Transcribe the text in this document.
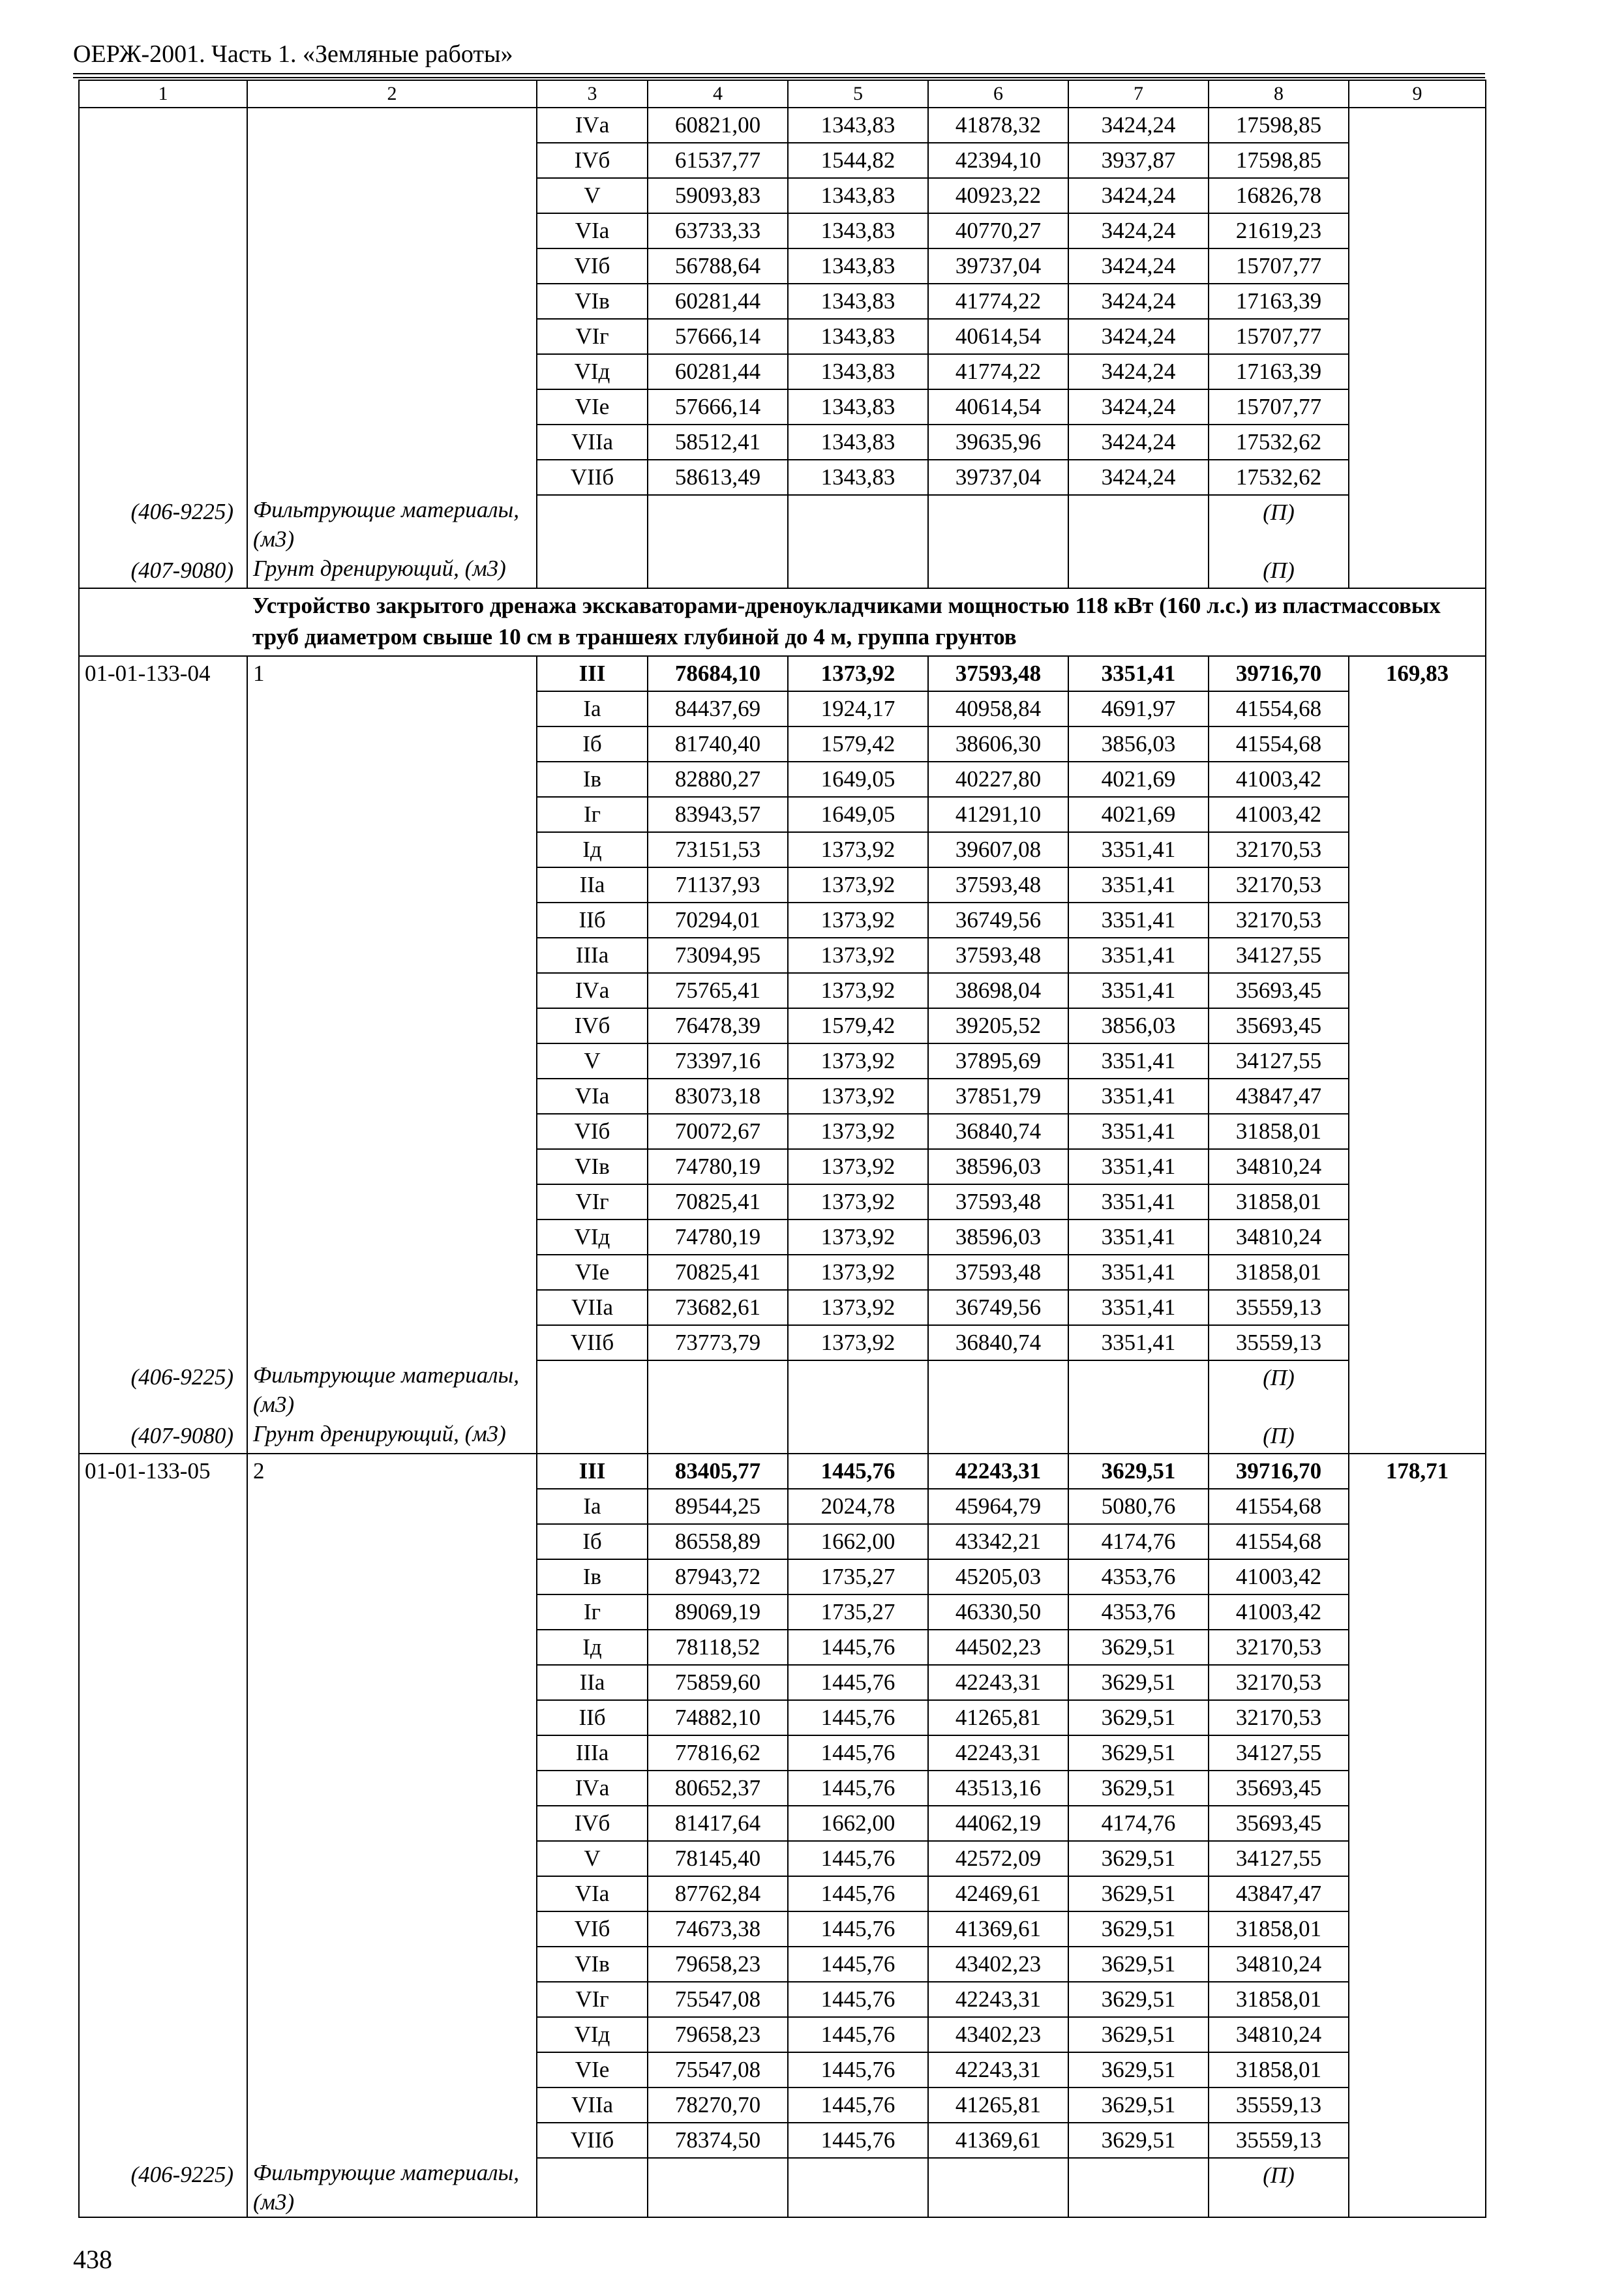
ОЕРЖ-2001. Часть 1. «Земляные работы»
1	2	3	4	5	6	7	8	9
		IVа	60821,00	1343,83	41878,32	3424,24	17598,85	
		IVб	61537,77	1544,82	42394,10	3937,87	17598,85	
		V	59093,83	1343,83	40923,22	3424,24	16826,78	
		VIа	63733,33	1343,83	40770,27	3424,24	21619,23	
		VIб	56788,64	1343,83	39737,04	3424,24	15707,77	
		VIв	60281,44	1343,83	41774,22	3424,24	17163,39	
		VIг	57666,14	1343,83	40614,54	3424,24	15707,77	
		VIд	60281,44	1343,83	41774,22	3424,24	17163,39	
		VIе	57666,14	1343,83	40614,54	3424,24	15707,77	
		VIIа	58512,41	1343,83	39635,96	3424,24	17532,62	
		VIIб	58613,49	1343,83	39737,04	3424,24	17532,62	
(406-9225)	Фильтрующие материалы, (м3)						(П)	
(407-9080)	Грунт дренирующий, (м3)						(П)	
	Устройство закрытого дренажа экскаваторами-дреноукладчиками мощностью 118 кВт (160 л.с.) из пластмассовых труб диаметром свыше 10 см в траншеях глубиной до 4 м, группа грунтов							
01-01-133-04	1	III	78684,10	1373,92	37593,48	3351,41	39716,70	169,83
		Iа	84437,69	1924,17	40958,84	4691,97	41554,68	
		Iб	81740,40	1579,42	38606,30	3856,03	41554,68	
		Iв	82880,27	1649,05	40227,80	4021,69	41003,42	
		Iг	83943,57	1649,05	41291,10	4021,69	41003,42	
		Iд	73151,53	1373,92	39607,08	3351,41	32170,53	
		IIа	71137,93	1373,92	37593,48	3351,41	32170,53	
		IIб	70294,01	1373,92	36749,56	3351,41	32170,53	
		IIIа	73094,95	1373,92	37593,48	3351,41	34127,55	
		IVа	75765,41	1373,92	38698,04	3351,41	35693,45	
		IVб	76478,39	1579,42	39205,52	3856,03	35693,45	
		V	73397,16	1373,92	37895,69	3351,41	34127,55	
		VIа	83073,18	1373,92	37851,79	3351,41	43847,47	
		VIб	70072,67	1373,92	36840,74	3351,41	31858,01	
		VIв	74780,19	1373,92	38596,03	3351,41	34810,24	
		VIг	70825,41	1373,92	37593,48	3351,41	31858,01	
		VIд	74780,19	1373,92	38596,03	3351,41	34810,24	
		VIе	70825,41	1373,92	37593,48	3351,41	31858,01	
		VIIа	73682,61	1373,92	36749,56	3351,41	35559,13	
		VIIб	73773,79	1373,92	36840,74	3351,41	35559,13	
(406-9225)	Фильтрующие материалы, (м3)						(П)	
(407-9080)	Грунт дренирующий, (м3)						(П)	
01-01-133-05	2	III	83405,77	1445,76	42243,31	3629,51	39716,70	178,71
		Iа	89544,25	2024,78	45964,79	5080,76	41554,68	
		Iб	86558,89	1662,00	43342,21	4174,76	41554,68	
		Iв	87943,72	1735,27	45205,03	4353,76	41003,42	
		Iг	89069,19	1735,27	46330,50	4353,76	41003,42	
		Iд	78118,52	1445,76	44502,23	3629,51	32170,53	
		IIа	75859,60	1445,76	42243,31	3629,51	32170,53	
		IIб	74882,10	1445,76	41265,81	3629,51	32170,53	
		IIIа	77816,62	1445,76	42243,31	3629,51	34127,55	
		IVа	80652,37	1445,76	43513,16	3629,51	35693,45	
		IVб	81417,64	1662,00	44062,19	4174,76	35693,45	
		V	78145,40	1445,76	42572,09	3629,51	34127,55	
		VIа	87762,84	1445,76	42469,61	3629,51	43847,47	
		VIб	74673,38	1445,76	41369,61	3629,51	31858,01	
		VIв	79658,23	1445,76	43402,23	3629,51	34810,24	
		VIг	75547,08	1445,76	42243,31	3629,51	31858,01	
		VIд	79658,23	1445,76	43402,23	3629,51	34810,24	
		VIе	75547,08	1445,76	42243,31	3629,51	31858,01	
		VIIа	78270,70	1445,76	41265,81	3629,51	35559,13	
		VIIб	78374,50	1445,76	41369,61	3629,51	35559,13	
(406-9225)	Фильтрующие материалы, (м3)						(П)	
438
